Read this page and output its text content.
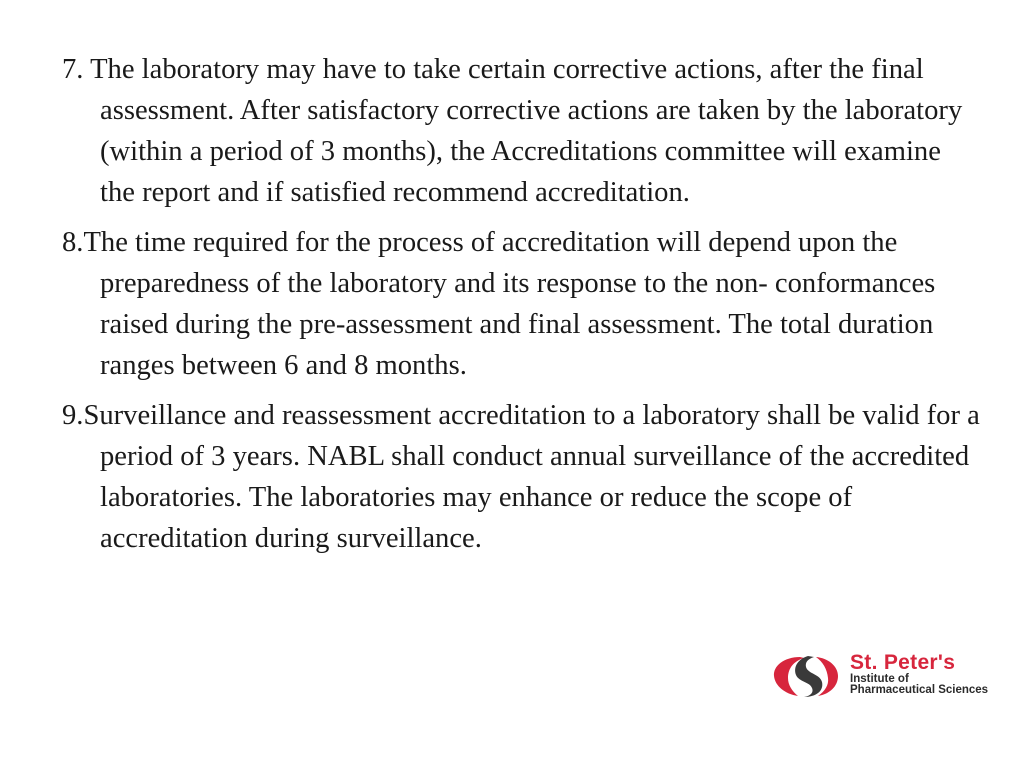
7. The laboratory may have to take certain corrective actions, after the final assessment. After satisfactory corrective actions are taken by the laboratory (within a period of 3 months), the Accreditations committee will examine the report and if satisfied recommend accreditation.

8.The time required for the process of accreditation will depend upon the preparedness of the laboratory and its response to the non- conformances raised during the pre-assessment and final assessment. The total duration ranges between 6 and 8 months.

9.Surveillance and reassessment accreditation to a laboratory shall be valid for a period of 3 years. NABL shall conduct annual surveillance of the accredited laboratories. The laboratories may enhance or reduce the scope of accreditation during surveillance.

St. Peter's
Institute of
Pharmaceutical Sciences
